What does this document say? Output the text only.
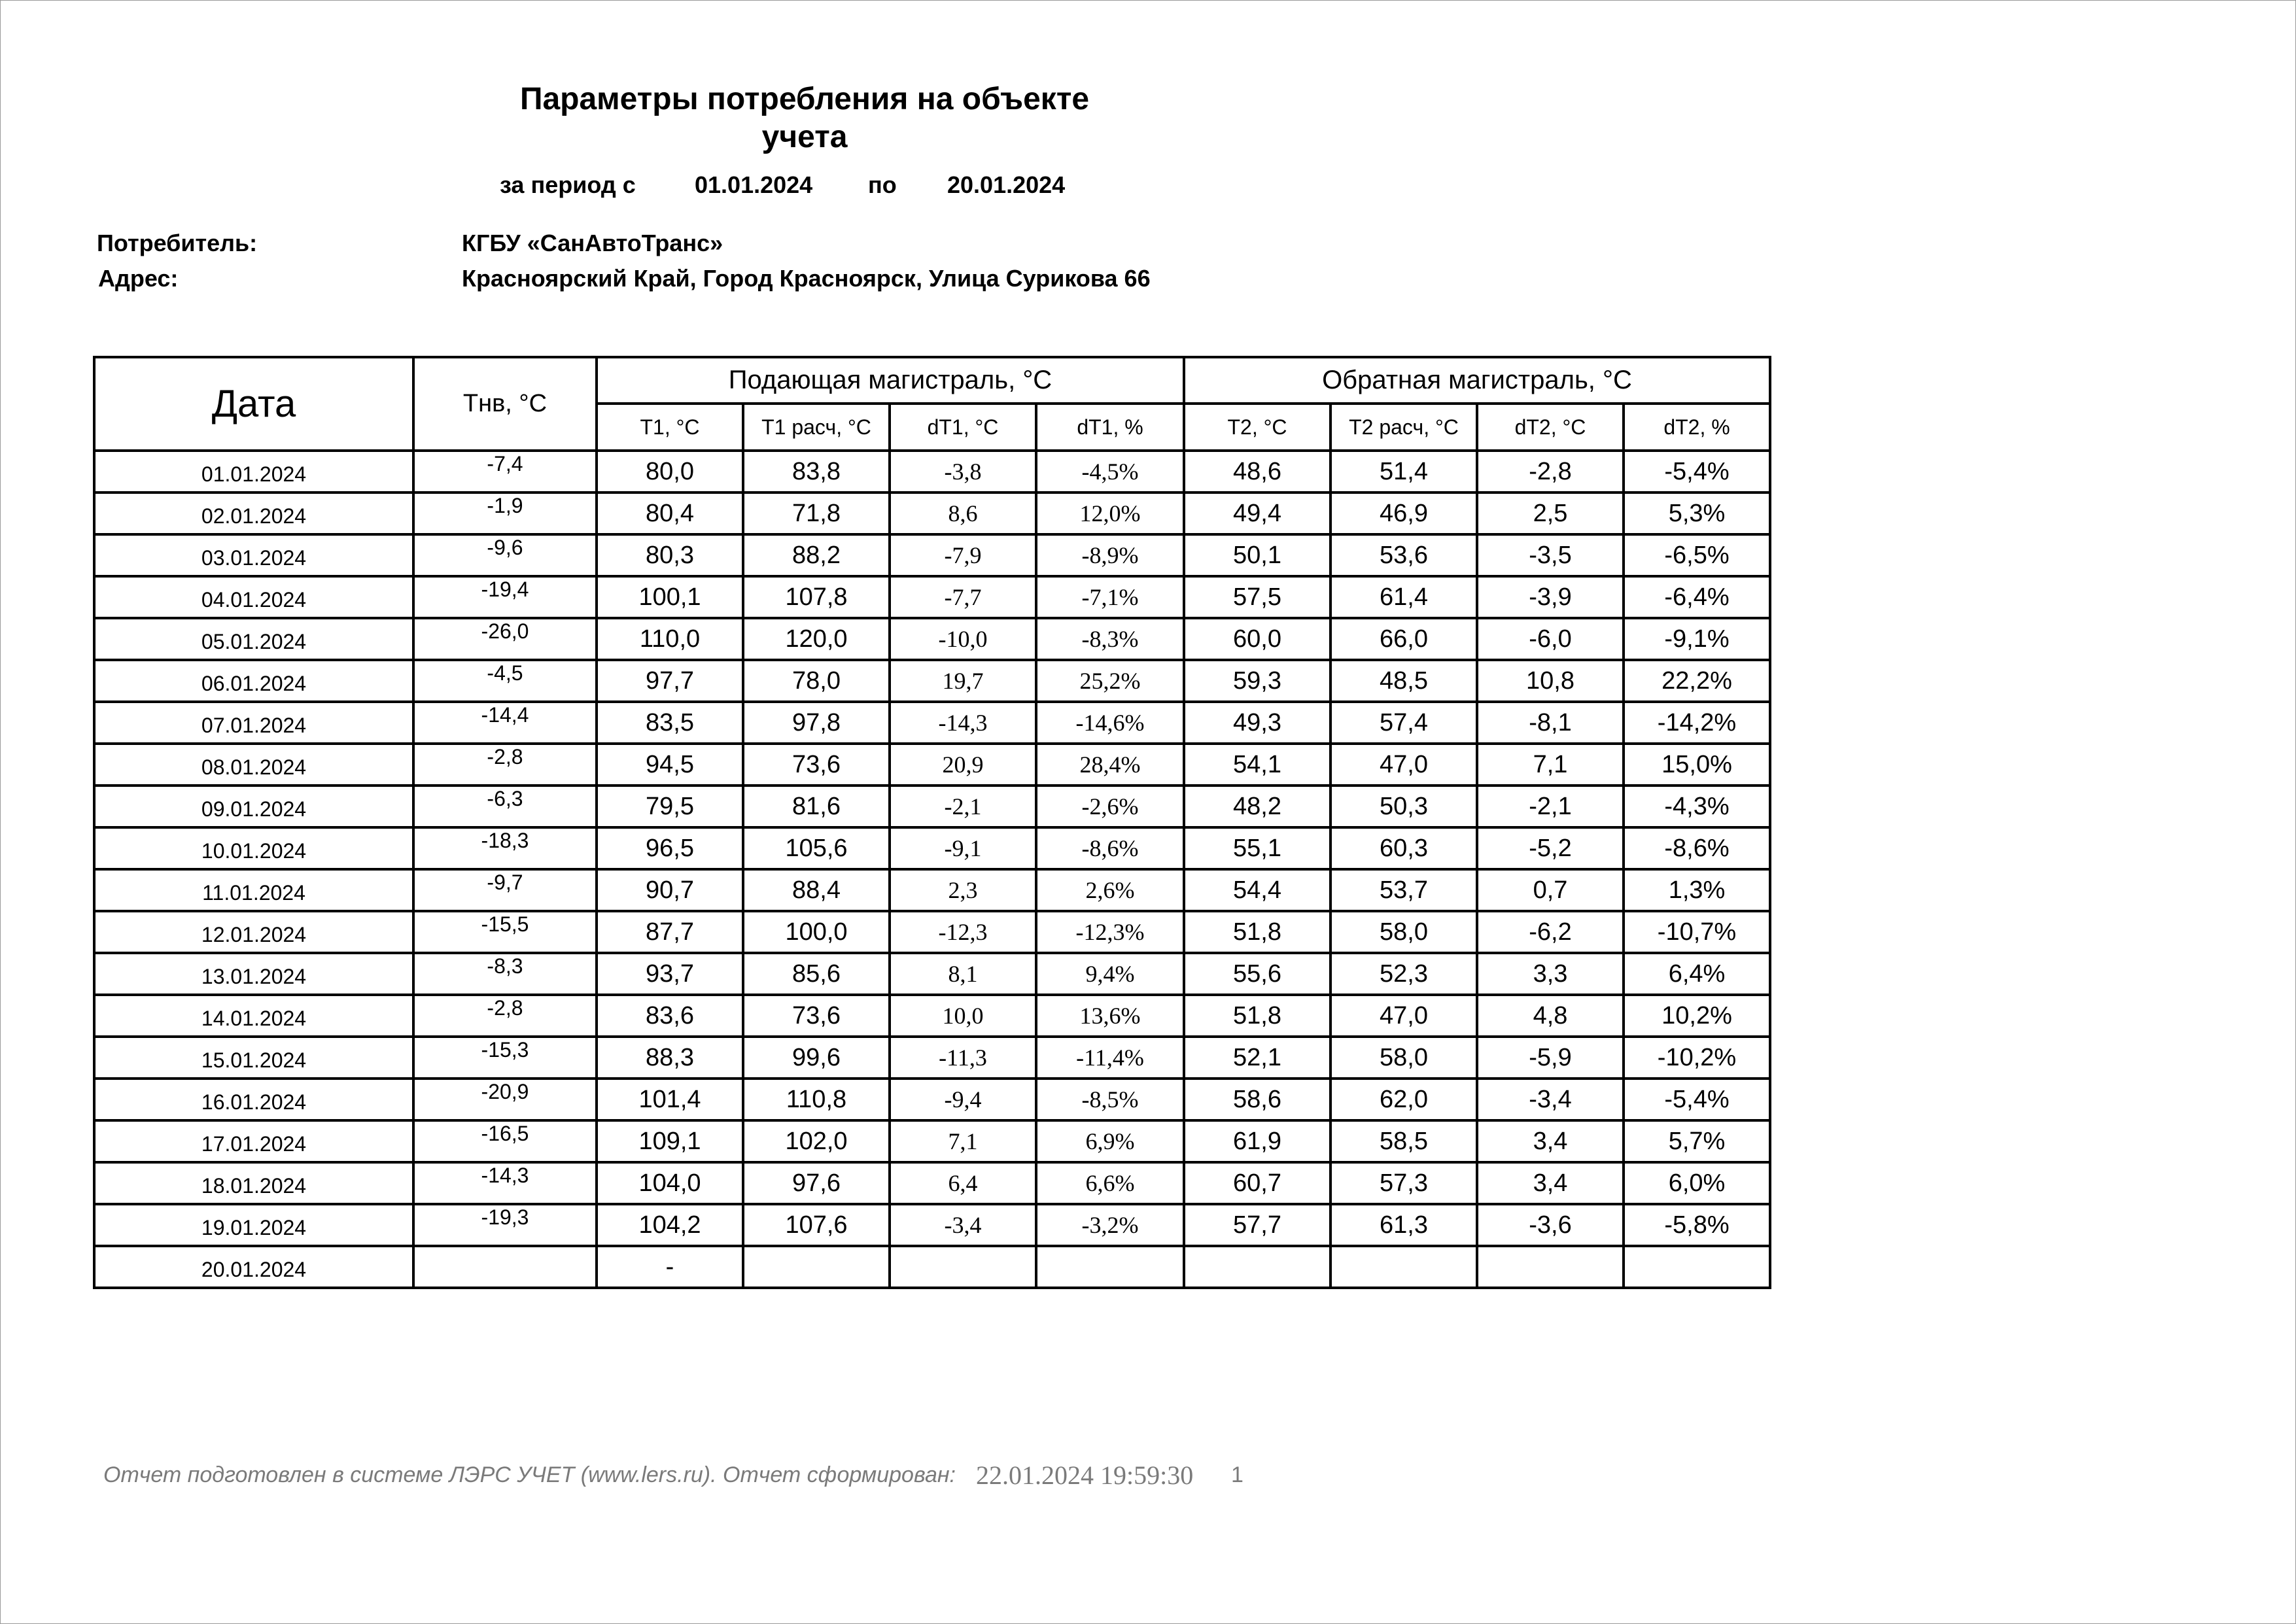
Параметры потребления на объекте
учета
за период с	01.01.2024 по 20.01.2024
Потребитель:	КГБУ «СанАвтоТранс»
Адрес:	Красноярский Край, Город Красноярск, Улица Сурикова 66
Дата	Тнв, °С	Подающая магистраль, °С				Обратная магистраль, °С			
		Т1, °С	Т1 расч, °С	dT1, °С	dT1, %	Т2, °С	Т2 расч, °С	dT2, °С	dT2, %
01.01.2024	-7,4	80,0	83,8	-3,8	-4,5%	48,6	51,4	-2,8	-5,4%
02.01.2024	-1,9	80,4	71,8	8,6	12,0%	49,4	46,9	2,5	5,3%
03.01.2024	-9,6	80,3	88,2	-7,9	-8,9%	50,1	53,6	-3,5	-6,5%
04.01.2024	-19,4	100,1	107,8	-7,7	-7,1%	57,5	61,4	-3,9	-6,4%
05.01.2024	-26,0	110,0	120,0	-10,0	-8,3%	60,0	66,0	-6,0	-9,1%
06.01.2024	-4,5	97,7	78,0	19,7	25,2%	59,3	48,5	10,8	22,2%
07.01.2024	-14,4	83,5	97,8	-14,3	-14,6%	49,3	57,4	-8,1	-14,2%
08.01.2024	-2,8	94,5	73,6	20,9	28,4%	54,1	47,0	7,1	15,0%
09.01.2024	-6,3	79,5	81,6	-2,1	-2,6%	48,2	50,3	-2,1	-4,3%
10.01.2024	-18,3	96,5	105,6	-9,1	-8,6%	55,1	60,3	-5,2	-8,6%
11.01.2024	-9,7	90,7	88,4	2,3	2,6%	54,4	53,7	0,7	1,3%
12.01.2024	-15,5	87,7	100,0	-12,3	-12,3%	51,8	58,0	-6,2	-10,7%
13.01.2024	-8,3	93,7	85,6	8,1	9,4%	55,6	52,3	3,3	6,4%
14.01.2024	-2,8	83,6	73,6	10,0	13,6%	51,8	47,0	4,8	10,2%
15.01.2024	-15,3	88,3	99,6	-11,3	-11,4%	52,1	58,0	-5,9	-10,2%
16.01.2024	-20,9	101,4	110,8	-9,4	-8,5%	58,6	62,0	-3,4	-5,4%
17.01.2024	-16,5	109,1	102,0	7,1	6,9%	61,9	58,5	3,4	5,7%
18.01.2024	-14,3	104,0	97,6	6,4	6,6%	60,7	57,3	3,4	6,0%
19.01.2024	-19,3	104,2	107,6	-3,4	-3,2%	57,7	61,3	-3,6	-5,8%
20.01.2024		-							
Отчет подготовлен в системе ЛЭРС УЧЕТ (www.lers.ru). Отчет сформирован: 22.01.2024 19:59:30 1
